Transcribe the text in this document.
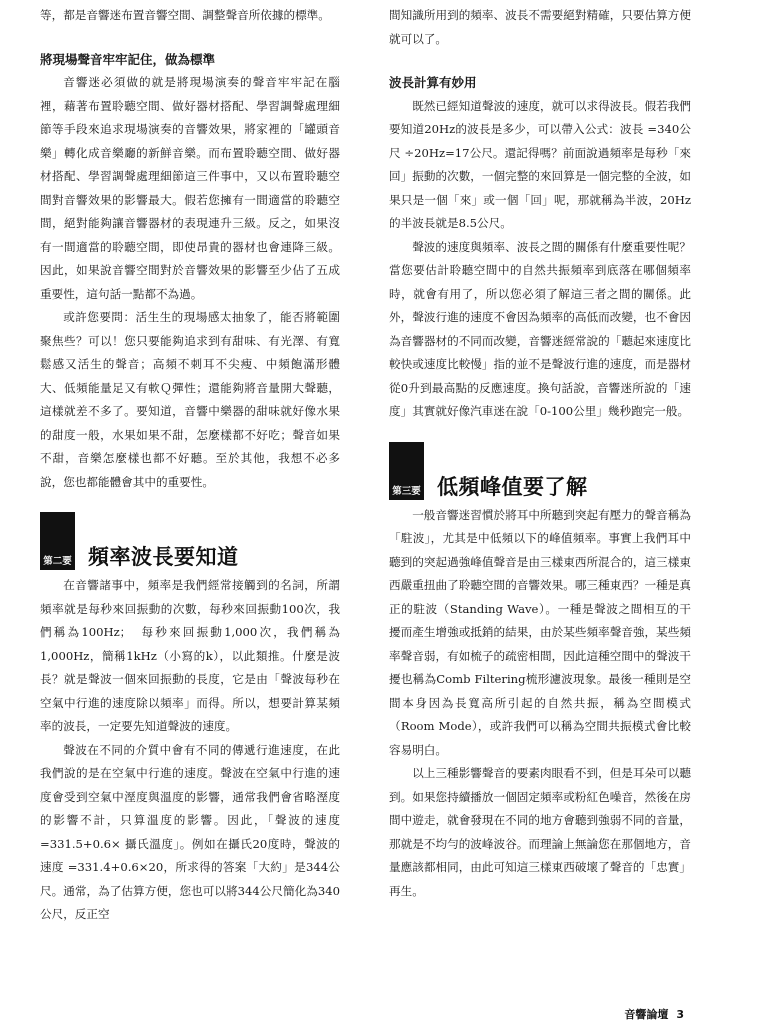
等，都是音響迷布置音響空間、調整聲音所依據的標準。

將現場聲音牢牢記住，做為標準

音響迷必須做的就是將現場演奏的聲音牢牢記在腦裡，藉著布置聆聽空間、做好器材搭配、學習調聲處理細節等手段來追求現場演奏的音響效果，將家裡的「罐頭音樂」轉化成音樂廳的新鮮音樂。而布置聆聽空間、做好器材搭配、學習調聲處理細節這三件事中，又以布置聆聽空間對音響效果的影響最大。假若您擁有一間適當的聆聽空間，絕對能夠讓音響器材的表現連升三級。反之，如果沒有一間適當的聆聽空間，即使昂貴的器材也會連降三級。因此，如果說音響空間對於音響效果的影響至少佔了五成重要性，這句話一點都不為過。

或許您要問：活生生的現場感太抽象了，能否將範圍聚焦些？可以！您只要能夠追求到有甜味、有光澤、有寬鬆感又活生的聲音；高頻不刺耳不尖瘦、中頻飽滿形體大、低頻能量足又有軟Ｑ彈性；還能夠將音量開大聲聽，這樣就差不多了。要知道，音響中樂器的甜味就好像水果的甜度一般，水果如果不甜，怎麼樣都不好吃；聲音如果不甜，音樂怎麼樣也都不好聽。至於其他，我想不必多說，您也都能體會其中的重要性。

第二要 頻率波長要知道

在音響諸事中，頻率是我們經常接觸到的名詞，所謂頻率就是每秒來回振動的次數，每秒來回振動100次，我們稱為100Hz；　每秒來回振動1,000次，我們稱為1,000Hz，簡稱1kHz（小寫的k），以此類推。什麼是波長？就是聲波一個來回振動的長度，它是由「聲波每秒在空氣中行進的速度除以頻率」而得。所以，想要計算某頻率的波長，一定要先知道聲波的速度。

聲波在不同的介質中會有不同的傳遞行進速度，在此我們說的是在空氣中行進的速度。聲波在空氣中行進的速度會受到空氣中溼度與溫度的影響，通常我們會省略溼度的影響不計，只算溫度的影響。因此，「聲波的速度 =331.5+0.6× 攝氏溫度」。例如在攝氏20度時，聲波的速度 =331.4+0.6×20，所求得的答案「大約」是344公尺。通常，為了估算方便，您也可以將344公尺簡化為340公尺，反正空

間知識所用到的頻率、波長不需要絕對精確，只要估算方便就可以了。

波長計算有妙用

既然已經知道聲波的速度，就可以求得波長。假若我們要知道20Hz的波長是多少，可以帶入公式：波長 =340公尺 ÷20Hz=17公尺。還記得嗎？前面說過頻率是每秒「來回」振動的次數，一個完整的來回算是一個完整的全波，如果只是一個「來」或一個「回」呢，那就稱為半波，20Hz的半波長就是8.5公尺。

聲波的速度與頻率、波長之間的關係有什麼重要性呢？當您要估計聆聽空間中的自然共振頻率到底落在哪個頻率時，就會有用了，所以您必須了解這三者之間的關係。此外，聲波行進的速度不會因為頻率的高低而改變，也不會因為音響器材的不同而改變，音響迷經常說的「聽起來速度比較快或速度比較慢」指的並不是聲波行進的速度，而是器材從0升到最高點的反應速度。換句話說，音響迷所說的「速度」其實就好像汽車迷在說「0-100公里」幾秒跑完一般。

第三要 低頻峰值要了解

一般音響迷習慣於將耳中所聽到突起有壓力的聲音稱為「駐波」，尤其是中低頻以下的峰值頻率。事實上我們耳中聽到的突起過強峰值聲音是由三樣東西所混合的，這三樣東西嚴重扭曲了聆聽空間的音響效果。哪三種東西？一種是真正的駐波（Standing Wave）。一種是聲波之間相互的干擾而產生增強或抵銷的結果，由於某些頻率聲音強，某些頻率聲音弱，有如梳子的疏密相間，因此這種空間中的聲波干擾也稱為Comb Filtering梳形濾波現象。最後一種則是空間本身因為長寬高所引起的自然共振，稱為空間模式（Room Mode），或許我們可以稱為空間共振模式會比較容易明白。

以上三種影響聲音的要素肉眼看不到，但是耳朵可以聽到。如果您持續播放一個固定頻率或粉紅色噪音，然後在房間中遊走，就會發現在不同的地方會聽到強弱不同的音量，那就是不均勻的波峰波谷。而理論上無論您在那個地方，音量應該都相同，由此可知這三樣東西破壞了聲音的「忠實」再生。

音響論壇 3
